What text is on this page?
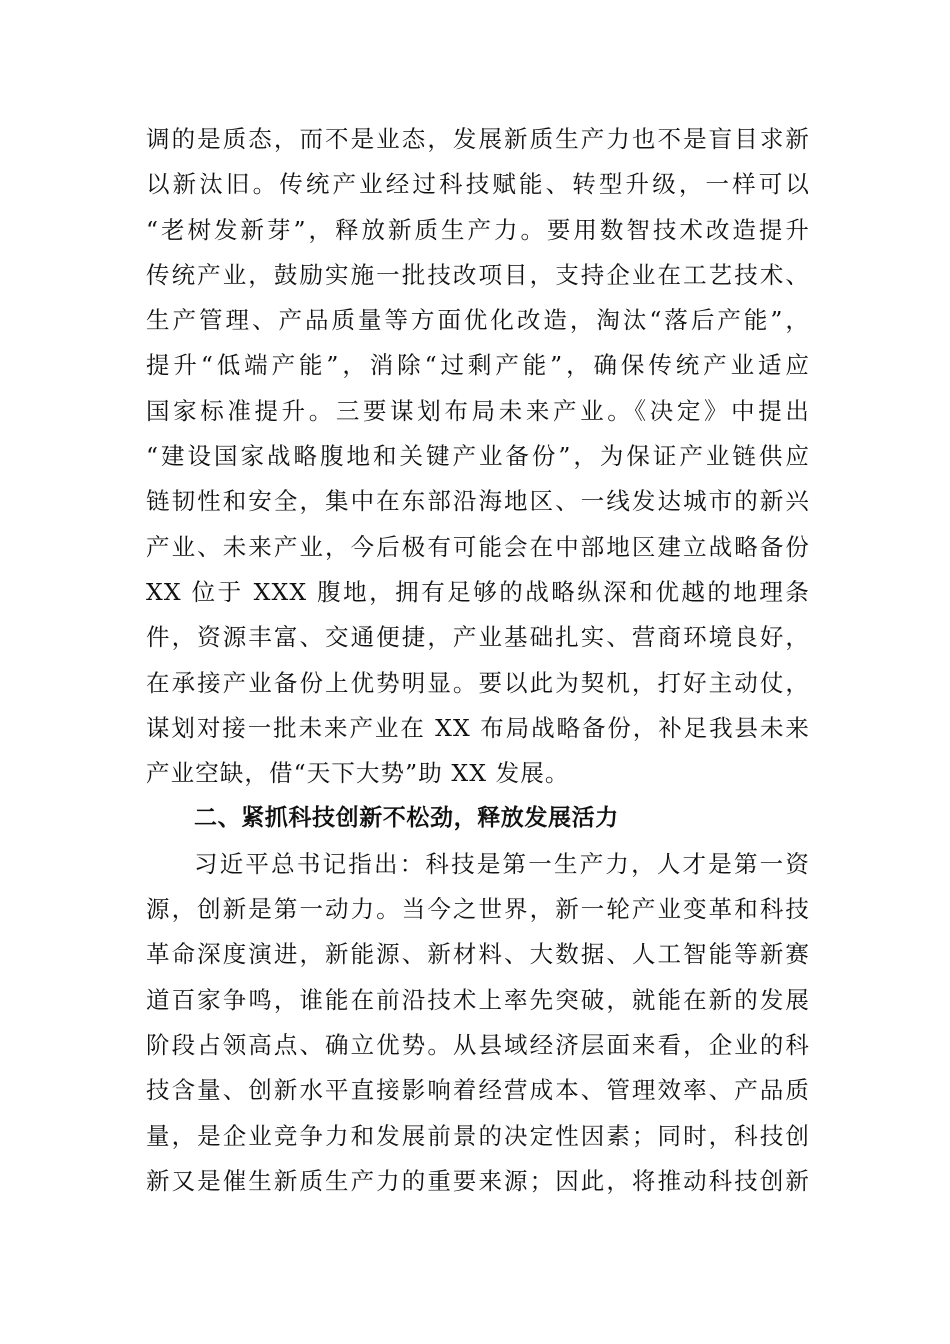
调的是质态，而不是业态，发展新质生产力也不是盲目求新
以新汰旧。传统产业经过科技赋能、转型升级，一样可以
“老树发新芽”，释放新质生产力。要用数智技术改造提升
传统产业，鼓励实施一批技改项目，支持企业在工艺技术、
生产管理、产品质量等方面优化改造，淘汰“落后产能”，
提升“低端产能”，消除“过剩产能”，确保传统产业适应
国家标准提升。三要谋划布局未来产业。《决定》中提出
“建设国家战略腹地和关键产业备份”，为保证产业链供应
链韧性和安全，集中在东部沿海地区、一线发达城市的新兴
产业、未来产业，今后极有可能会在中部地区建立战略备份
XX 位于 XXX 腹地，拥有足够的战略纵深和优越的地理条
件，资源丰富、交通便捷，产业基础扎实、营商环境良好，
在承接产业备份上优势明显。要以此为契机，打好主动仗，
谋划对接一批未来产业在 XX 布局战略备份，补足我县未来
产业空缺，借“天下大势”助 XX 发展。
二、紧抓科技创新不松劲，释放发展活力
习近平总书记指出：科技是第一生产力，人才是第一资
源，创新是第一动力。当今之世界，新一轮产业变革和科技
革命深度演进，新能源、新材料、大数据、人工智能等新赛
道百家争鸣，谁能在前沿技术上率先突破，就能在新的发展
阶段占领高点、确立优势。从县域经济层面来看，企业的科
技含量、创新水平直接影响着经营成本、管理效率、产品质
量，是企业竞争力和发展前景的决定性因素；同时，科技创
新又是催生新质生产力的重要来源；因此，将推动科技创新
